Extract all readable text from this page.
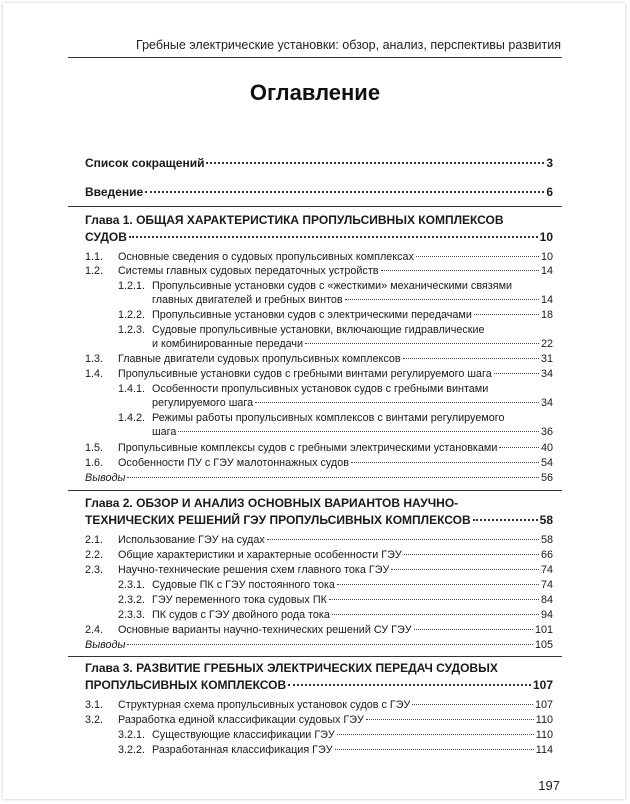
Гребные электрические установки: обзор, анализ, перспективы развития
Оглавление
Список сокращений	3
Введение	6
Глава 1. ОБЩАЯ ХАРАКТЕРИСТИКА ПРОПУЛЬСИВНЫХ КОМПЛЕКСОВ
СУДОВ	10
1.1. Основные сведения о судовых пропульсивных комплексах	10
1.2. Системы главных судовых передаточных устройств	14
1.2.1. Пропульсивные установки судов с «жесткими» механическими связями
главных двигателей и гребных винтов	14
1.2.2. Пропульсивные установки судов с электрическими передачами	18
1.2.3. Судовые пропульсивные установки, включающие гидравлические
и комбинированные передачи	22
1.3. Главные двигатели судовых пропульсивных комплексов	31
1.4. Пропульсивные установки судов с гребными винтами регулируемого шага	34
1.4.1. Особенности пропульсивных установок судов с гребными винтами
регулируемого шага	34
1.4.2. Режимы работы пропульсивных комплексов с винтами регулируемого
шага	36
1.5. Пропульсивные комплексы судов с гребными электрическими установками	40
1.6. Особенности ПУ с ГЭУ малотоннажных судов	54
Выводы	56
Глава 2. ОБЗОР И АНАЛИЗ ОСНОВНЫХ ВАРИАНТОВ НАУЧНО-
ТЕХНИЧЕСКИХ РЕШЕНИЙ ГЭУ ПРОПУЛЬСИВНЫХ КОМПЛЕКСОВ	58
2.1. Использование ГЭУ на судах	58
2.2. Общие характеристики и характерные особенности ГЭУ	66
2.3. Научно-технические решения схем главного тока ГЭУ	74
2.3.1. Судовые ПК с ГЭУ постоянного тока	74
2.3.2. ГЭУ переменного тока судовых ПК	84
2.3.3. ПК судов с ГЭУ двойного рода тока	94
2.4. Основные варианты научно-технических решений СУ ГЭУ	101
Выводы	105
Глава 3. РАЗВИТИЕ ГРЕБНЫХ ЭЛЕКТРИЧЕСКИХ ПЕРЕДАЧ СУДОВЫХ
ПРОПУЛЬСИВНЫХ КОМПЛЕКСОВ	107
3.1. Структурная схема пропульсивных установок судов с ГЭУ	107
3.2. Разработка единой классификации судовых ГЭУ	110
3.2.1. Существующие классификации ГЭУ	110
3.2.2. Разработанная классификация ГЭУ	114
197
